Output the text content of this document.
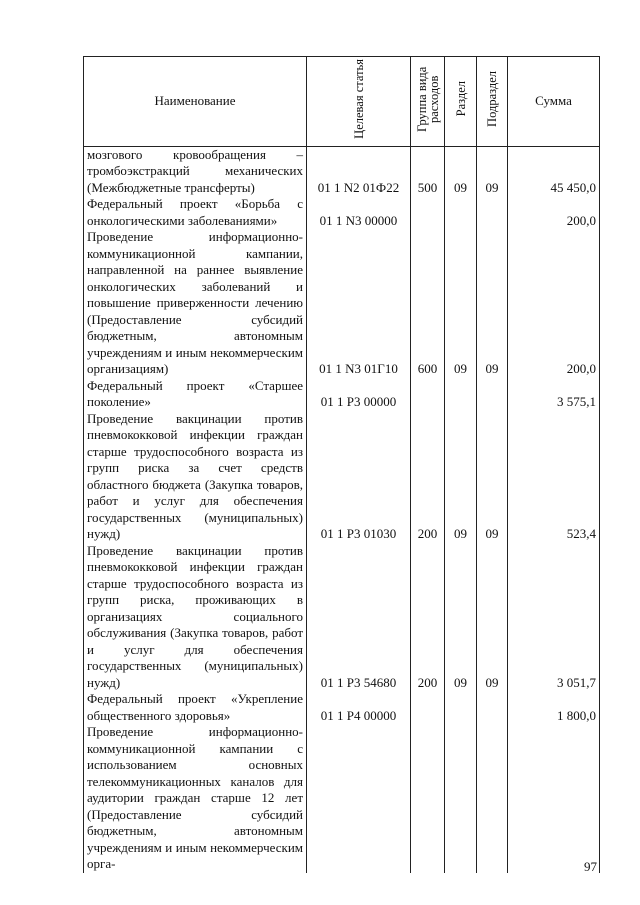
Наименование	Целевая статья	Группа вида расходов	Раздел	Подраздел	Сумма
мозгового кровообращения – тромбоэкстракций механических (Межбюджетные трансферты)	01 1 N2 01Ф22	500	09	09	45 450,0
Федеральный проект «Борьба с онкологическими заболеваниями»	01 1 N3 00000				200,0
Проведение информационно-коммуникационной кампании, направленной на раннее выявление онкологических заболеваний и повышение приверженности лечению (Предоставление субсидий бюджетным, автономным учреждениям и иным некоммерческим организациям)	01 1 N3 01Г10	600	09	09	200,0
Федеральный проект «Старшее поколение»	01 1 P3 00000				3 575,1
Проведение вакцинации против пневмококковой инфекции граждан старше трудоспособного возраста из групп риска за счет средств областного бюджета (Закупка товаров, работ и услуг для обеспечения государственных (муниципальных) нужд)	01 1 P3 01030	200	09	09	523,4
Проведение вакцинации против пневмококковой инфекции граждан старше трудоспособного возраста из групп риска, проживающих в организациях социального обслуживания (Закупка товаров, работ и услуг для обеспечения государственных (муниципальных) нужд)	01 1 P3 54680	200	09	09	3 051,7
Федеральный проект «Укрепление общественного здоровья»	01 1 P4 00000				1 800,0
Проведение информационно-коммуникационной кампании с использованием основных телекоммуникационных каналов для аудитории граждан старше 12 лет (Предоставление субсидий бюджетным, автономным учреждениям и иным некоммерческим орга-						97
